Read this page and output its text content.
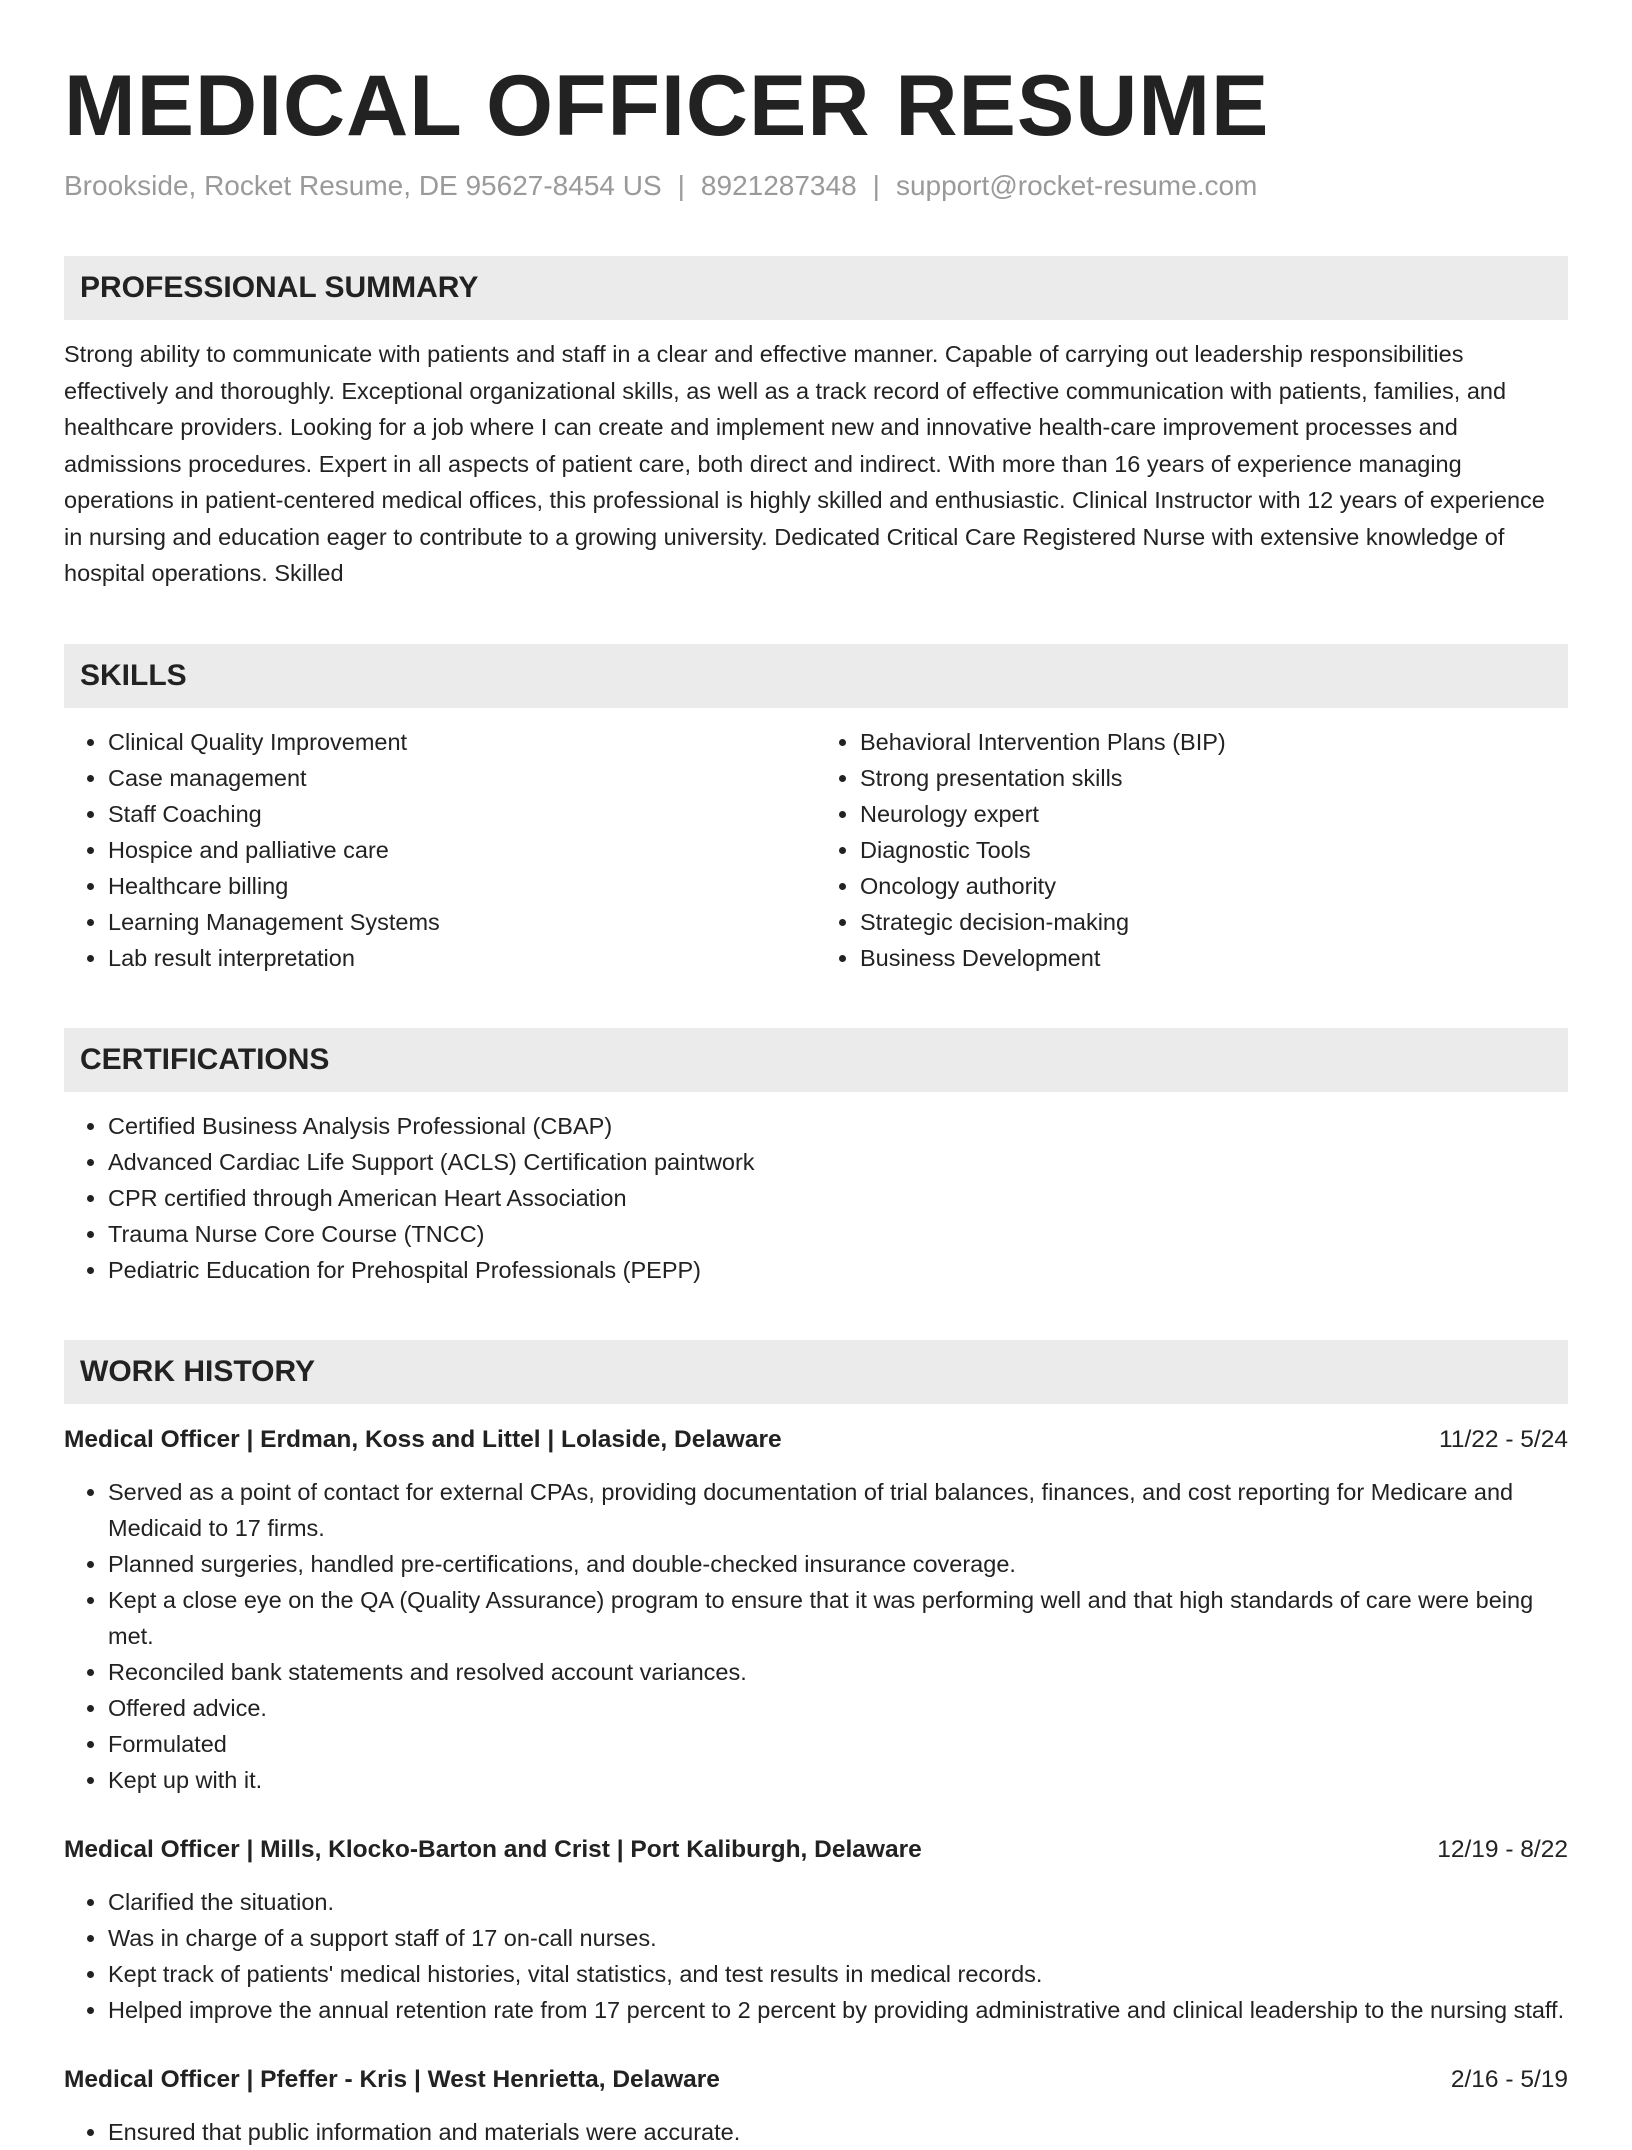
MEDICAL OFFICER RESUME
Brookside, Rocket Resume, DE 95627-8454 US | 8921287348 | support@rocket-resume.com
PROFESSIONAL SUMMARY
Strong ability to communicate with patients and staff in a clear and effective manner. Capable of carrying out leadership responsibilities effectively and thoroughly. Exceptional organizational skills, as well as a track record of effective communication with patients, families, and healthcare providers. Looking for a job where I can create and implement new and innovative health-care improvement processes and admissions procedures. Expert in all aspects of patient care, both direct and indirect. With more than 16 years of experience managing operations in patient-centered medical offices, this professional is highly skilled and enthusiastic. Clinical Instructor with 12 years of experience in nursing and education eager to contribute to a growing university. Dedicated Critical Care Registered Nurse with extensive knowledge of hospital operations. Skilled
SKILLS
• Clinical Quality Improvement
• Case management
• Staff Coaching
• Hospice and palliative care
• Healthcare billing
• Learning Management Systems
• Lab result interpretation
• Behavioral Intervention Plans (BIP)
• Strong presentation skills
• Neurology expert
• Diagnostic Tools
• Oncology authority
• Strategic decision-making
• Business Development
CERTIFICATIONS
• Certified Business Analysis Professional (CBAP)
• Advanced Cardiac Life Support (ACLS) Certification paintwork
• CPR certified through American Heart Association
• Trauma Nurse Core Course (TNCC)
• Pediatric Education for Prehospital Professionals (PEPP)
WORK HISTORY
Medical Officer | Erdman, Koss and Littel | Lolaside, Delaware	11/22 - 5/24
• Served as a point of contact for external CPAs, providing documentation of trial balances, finances, and cost reporting for Medicare and Medicaid to 17 firms.
• Planned surgeries, handled pre-certifications, and double-checked insurance coverage.
• Kept a close eye on the QA (Quality Assurance) program to ensure that it was performing well and that high standards of care were being met.
• Reconciled bank statements and resolved account variances.
• Offered advice.
• Formulated
• Kept up with it.
Medical Officer | Mills, Klocko-Barton and Crist | Port Kaliburgh, Delaware	12/19 - 8/22
• Clarified the situation.
• Was in charge of a support staff of 17 on-call nurses.
• Kept track of patients' medical histories, vital statistics, and test results in medical records.
• Helped improve the annual retention rate from 17 percent to 2 percent by providing administrative and clinical leadership to the nursing staff.
Medical Officer | Pfeffer - Kris | West Henrietta, Delaware	2/16 - 5/19
• Ensured that public information and materials were accurate.
